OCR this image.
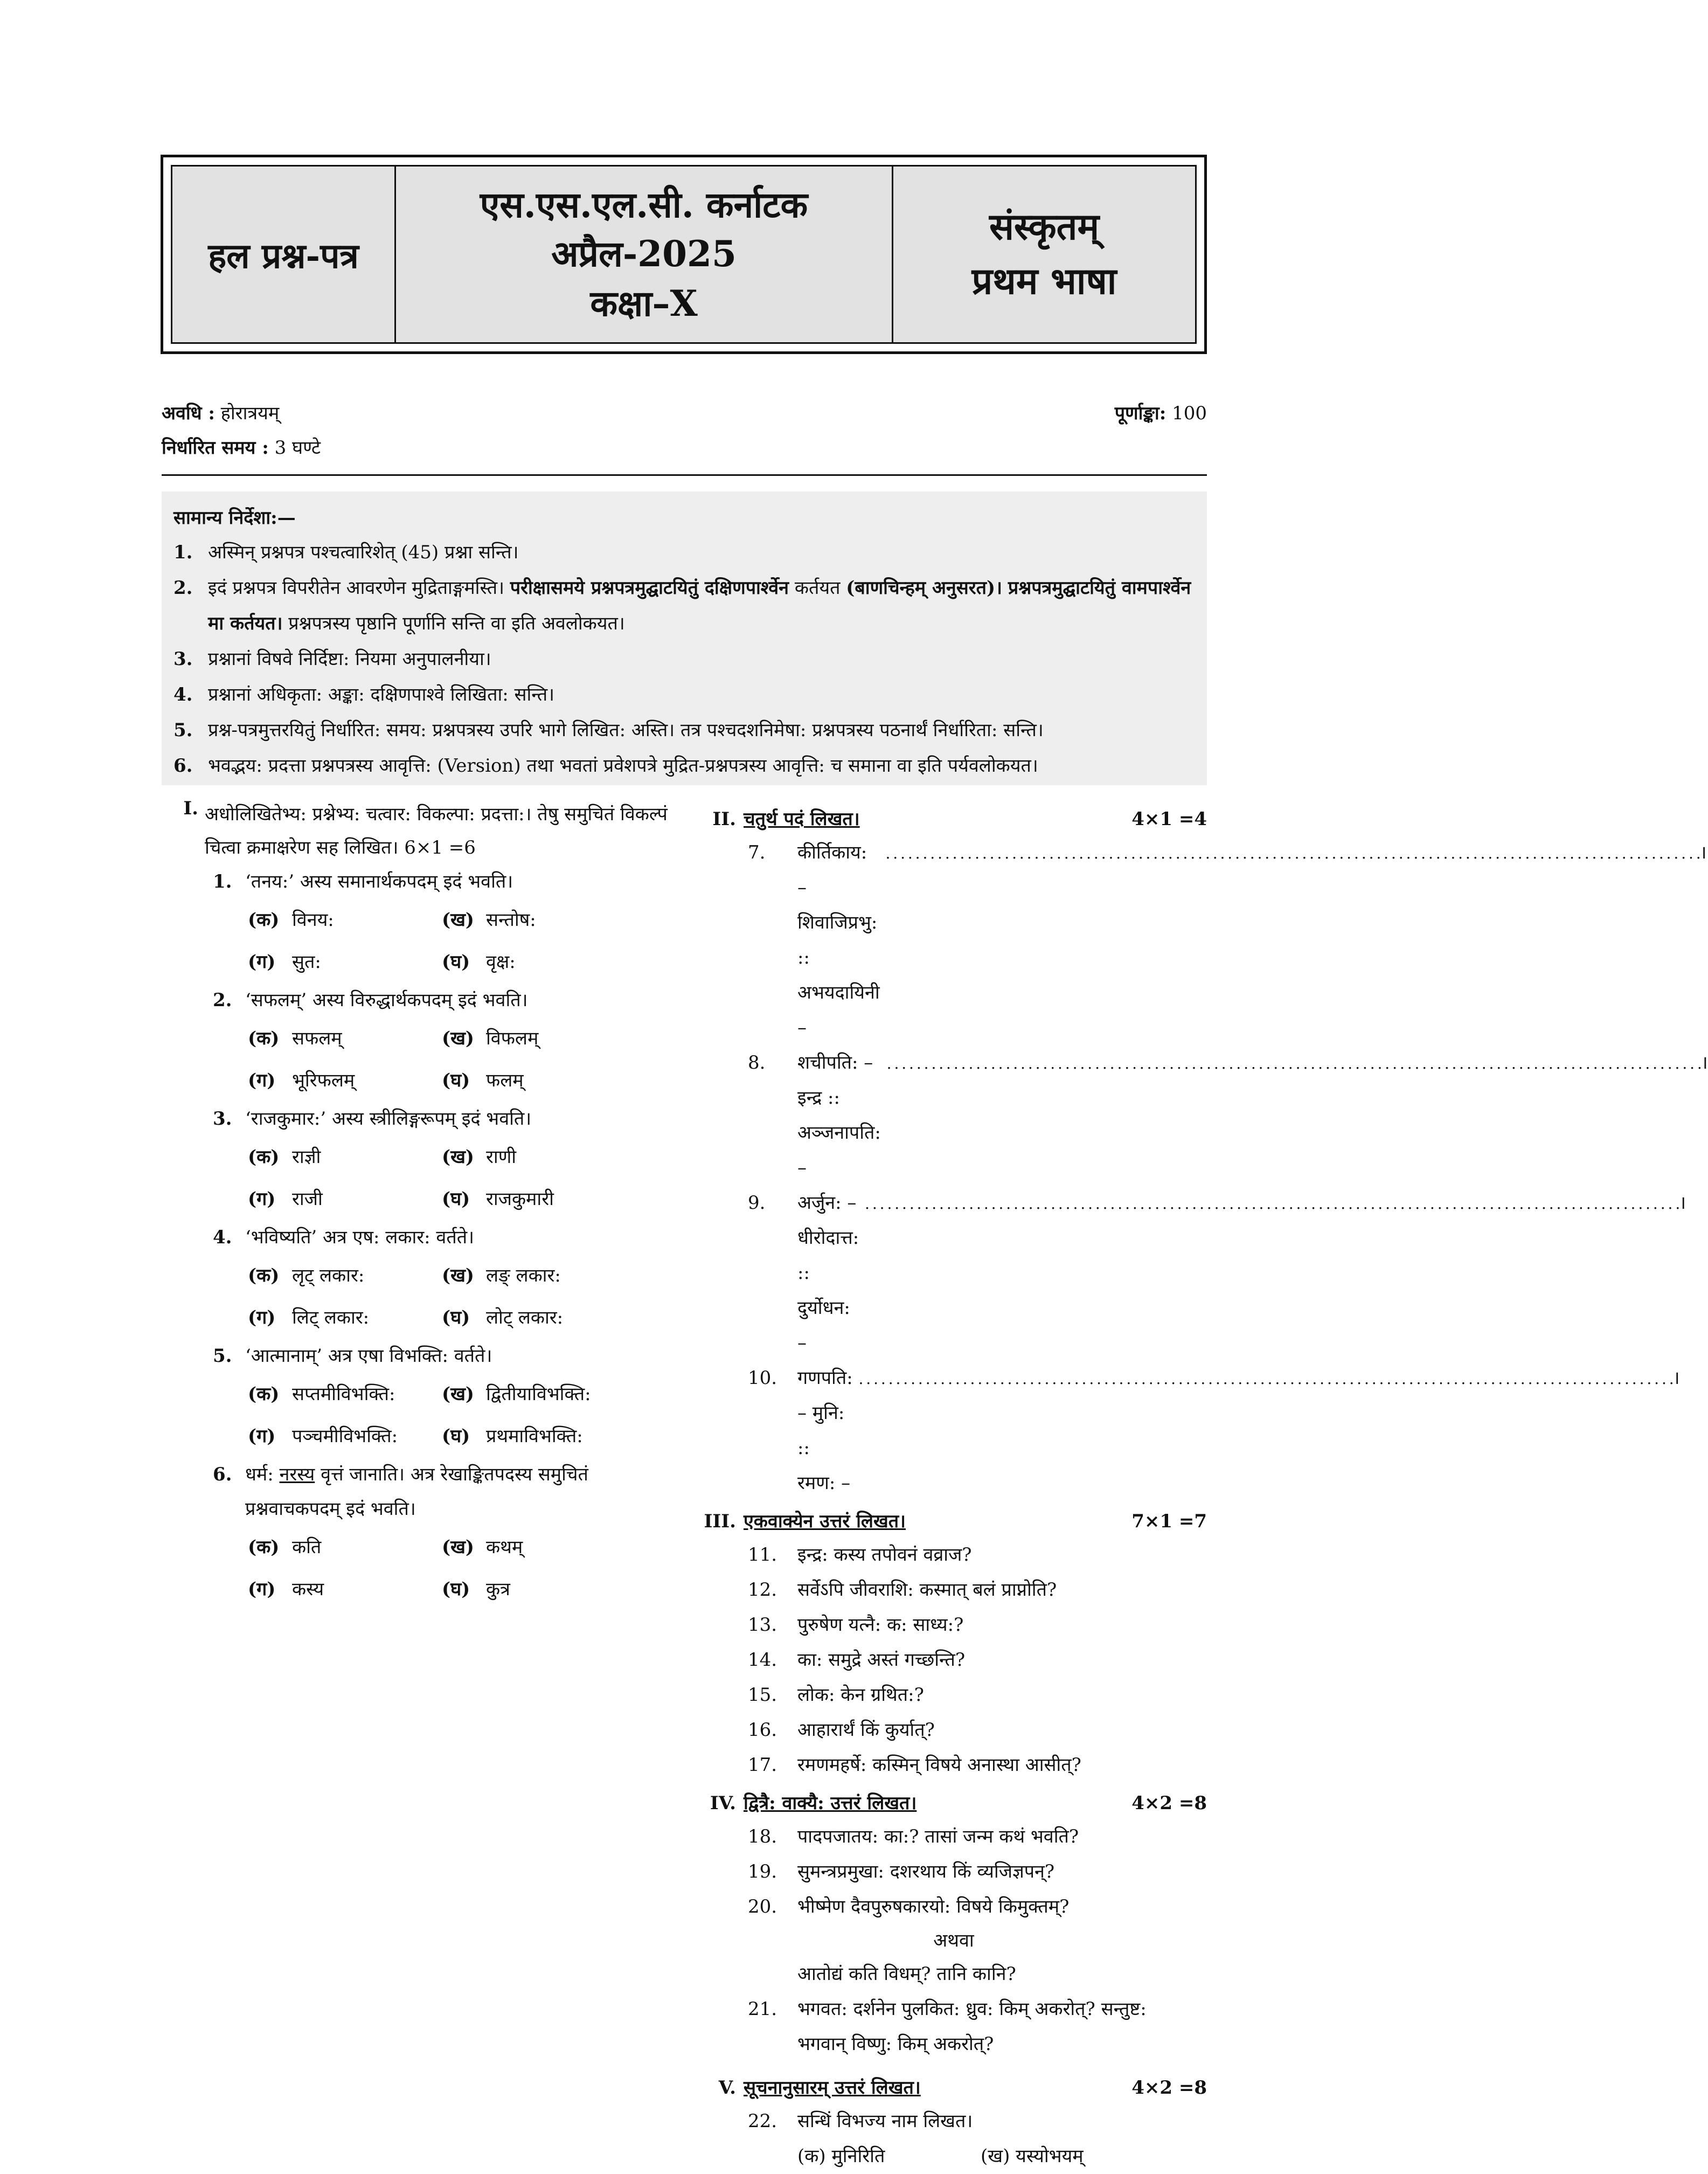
हल प्रश्न-पत्र
एस.एस.एल.सी. कर्नाटक
अप्रैल-2025
कक्षा–X
संस्कृतम्
प्रथम भाषा
अवधि : होरात्रयम्
निर्धारित समय : 3 घण्टे
पूर्णाङ्का: 100
सामान्य निर्देशा:—
1. अस्मिन् प्रश्नपत्र पश्चत्वारिशेत् (45) प्रश्ना सन्ति।
2. इदं प्रश्नपत्र विपरीतेन आवरणेन मुद्रिताङ्गमस्ति। परीक्षासमये प्रश्नपत्रमुद्घाटयितुं दक्षिणपार्श्वेन कर्तयत (बाणचिन्हम् अनुसरत)। प्रश्नपत्रमुद्घाटयितुं वामपार्श्वेन मा कर्तयत। प्रश्नपत्रस्य पृष्ठानि पूर्णानि सन्ति वा इति अवलोकयत।
3. प्रश्नानां विषवे निर्दिष्टा: नियमा अनुपालनीया।
4. प्रश्नानां अधिकृता: अङ्का: दक्षिणपाश्वे लिखिता: सन्ति।
5. प्रश्न-पत्रमुत्तरयितुं निर्धारित: समय: प्रश्नपत्रस्य उपरि भागे लिखित: अस्ति। तत्र पश्चदशनिमेषा: प्रश्नपत्रस्य पठनार्थं निर्धारिता: सन्ति।
6. भवद्भय: प्रदत्ता प्रश्नपत्रस्य आवृत्ति: (Version) तथा भवतां प्रवेशपत्रे मुद्रित-प्रश्नपत्रस्य आवृत्ति: च समाना वा इति पर्यवलोकयत।
I. अधोलिखितेभ्य: प्रश्नेभ्य: चत्वार: विकल्पा: प्रदत्ता:। तेषु समुचितं विकल्पं चित्वा क्रमाक्षरेण सह लिखित। 6×1 =6
1. ‘तनय:’ अस्य समानार्थकपदम् इदं भवति।
(क) विनय:	(ख) सन्तोष:
(ग) सुत:	(घ) वृक्ष:
2. ‘सफलम्’ अस्य विरुद्धार्थकपदम् इदं भवति।
(क) सफलम्	(ख) विफलम्
(ग) भूरिफलम्	(घ) फलम्
3. ‘राजकुमार:’ अस्य स्त्रीलिङ्गरूपम् इदं भवति।
(क) राज्ञी	(ख) राणी
(ग) राजी	(घ) राजकुमारी
4. ‘भविष्यति’ अत्र एष: लकार: वर्तते।
(क) लृट् लकार:	(ख) लङ् लकार:
(ग) लिट् लकार:	(घ) लोट् लकार:
5. ‘आत्मानाम्’ अत्र एषा विभक्ति: वर्तते।
(क) सप्तमीविभक्ति:	(ख) द्वितीयाविभक्ति:
(ग) पञ्चमीविभक्ति: (घ) प्रथमाविभक्ति:
6. धर्म: नरस्य वृत्तं जानाति। अत्र रेखाङ्कितपदस्य समुचितं प्रश्नवाचकपदम् इदं भवति।
(क) कति	(ख) कथम्
(ग) कस्य	(घ) कुत्र
II. चतुर्थ पदं लिखत।	4×1 =4
7.	कीर्तिकाय: – शिवाजिप्रभु: :: अभयदायिनी –

. . .
।
8.	शचीपति: – इन्द्र :: अञ्जनापति: –

. . .
।
9.	अर्जुन: – धीरोदात्त: :: दुर्योधन: –

. . .
।
10.	गणपति: – मुनि: :: रमण: –

. . .
।
III. एकवाक्येन उत्तरं लिखत।	7×1 =7
11.	इन्द्र: कस्य तपोवनं वव्राज?
12.	सर्वेऽपि जीवराशि: कस्मात् बलं प्राप्नोति?
13.	पुरुषेण यत्नै: क: साध्य:?
14.	का: समुद्रे अस्तं गच्छन्ति?
15.	लोक: केन ग्रथित:?
16.	आहारार्थं किं कुर्यात्?
17.	रमणमहर्षे: कस्मिन् विषये अनास्था आसीत्?
IV. द्वित्रै: वाक्यै: उत्तरं लिखत।	4×2 =8
18.	पादपजातय: का:? तासां जन्म कथं भवति?
19.	सुमन्त्रप्रमुखा: दशरथाय किं व्यजिज्ञपन्?
20.	भीष्मेण दैवपुरुषकारयो: विषये किमुक्तम्?
अथवा
आतोद्यं कति विधम्? तानि कानि?
21.	भगवत: दर्शनेन पुलकित: ध्रुव: किम् अकरोत्? सन्तुष्ट:
भगवान् विष्णु: किम् अकरोत्?
V. सूचनानुसारम् उत्तरं लिखत।	4×2 =8
22.	सन्धिं विभज्य नाम लिखत।
(क) मुनिरिति	(ख) यस्योभयम्
